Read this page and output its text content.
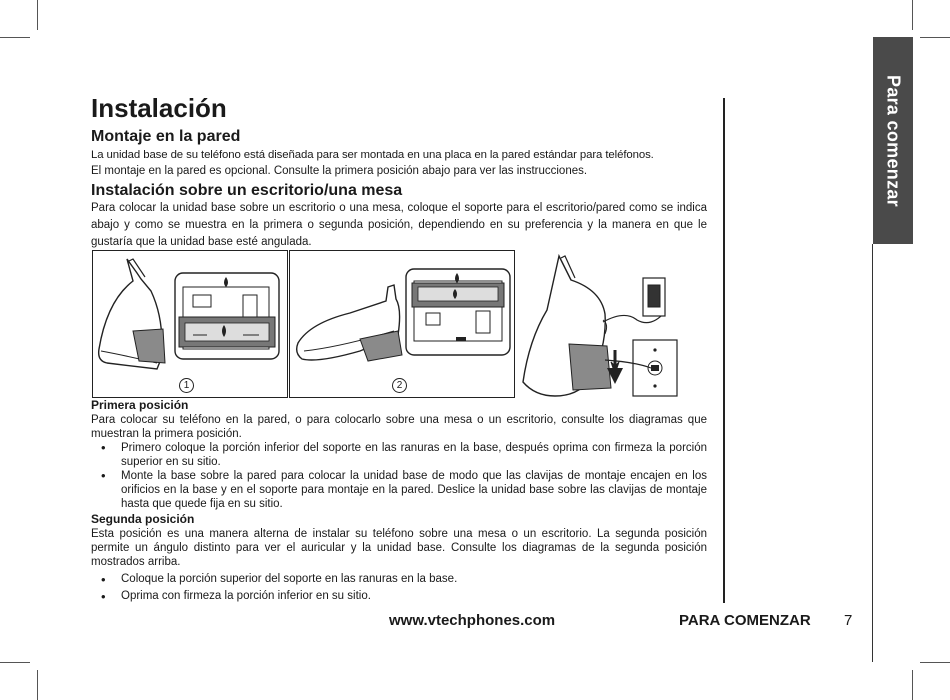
Para comenzar
Instalación
Montaje en la pared

La unidad base de su teléfono está diseñada para ser montada en una placa en la pared estándar para teléfonos.

El montaje en la pared es opcional. Consulte la primera posición abajo para ver las instrucciones.

Instalación sobre un escritorio/una mesa

Para colocar la unidad base sobre un escritorio o una mesa, coloque el soporte para el escritorio/pared como se indica abajo y como se muestra en la primera o segunda posición, dependiendo en su preferencia y la manera en que le gustaría que la unidad base esté angulada.

1	2

Primera posición

Para colocar su teléfono en la pared, o para colocarlo sobre una mesa o un escritorio, consulte los diagramas que muestran la primera posición.

• Primero coloque la porción inferior del soporte en las ranuras en la base, después oprima con firmeza la porción superior en su sitio.
• Monte la base sobre la pared para colocar la unidad base de modo que las clavijas de montaje encajen en los orificios en la base y en el soporte para montaje en la pared. Deslice la unidad base sobre las clavijas de montaje hasta que quede fija en su sitio.

Segunda posición

Esta posición es una manera alterna de instalar su teléfono sobre una mesa o un escritorio. La segunda posición permite un ángulo distinto para ver el auricular y la unidad base. Consulte los diagramas de la segunda posición mostrados arriba.

• Coloque la porción superior del soporte en las ranuras en la base.
• Oprima con firmeza la porción inferior en su sitio.
www.vtechphones.com	PARA COMENZAR 7
